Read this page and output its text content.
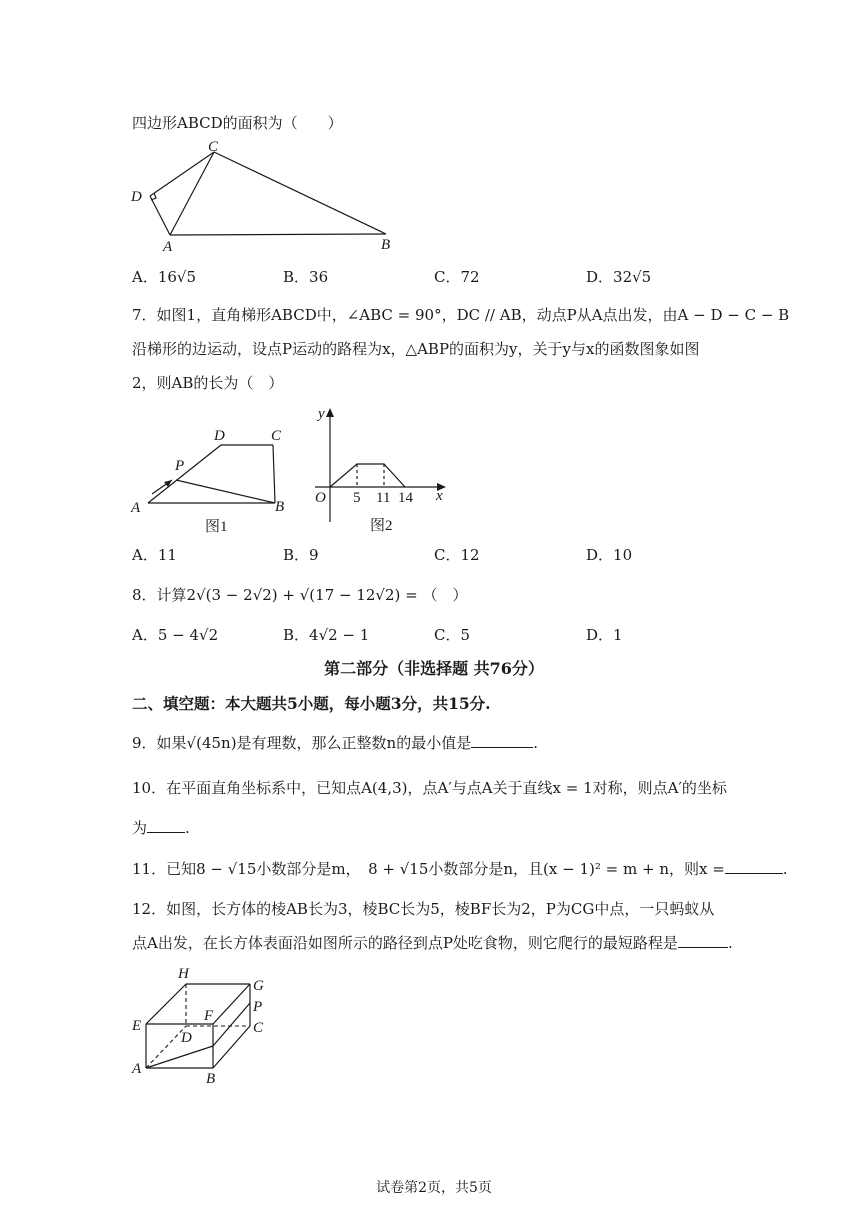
四边形ABCD的面积为（　　）
C
D
A	B
A．16√5	B．36	C．72	D．32√5
7．如图1，直角梯形ABCD中，∠ABC = 90°，DC // AB，动点P从A点出发，由A − D − C − B
沿梯形的边运动，设点P运动的路程为x，△ABP的面积为y，关于y与x的函数图象如图
2，则AB的长为（　）
D	C
P
A	B
图1
y
O 5 11 14 x
图2
A．11	B．9	C．12	D．10
8．计算2√(3 − 2√2) + √(17 − 12√2) = （　）
A．5 − 4√2	B．4√2 − 1	C．5	D．1
第二部分（非选择题 共76分）
二、填空题：本大题共5小题，每小题3分，共15分.
9．如果√(45n)是有理数，那么正整数n的最小值是	.
10．在平面直角坐标系中，已知点A(4,3)，点A′与点A关于直线x = 1对称，则点A′的坐标
为	.
11．已知8 − √15小数部分是m，　8 + √15小数部分是n，且(x − 1)² = m + n，则x =	.
12．如图，长方体的棱AB长为3，棱BC长为5，棱BF长为2，P为CG中点，一只蚂蚁从
点A出发，在长方体表面沿如图所示的路径到点P处吃食物，则它爬行的最短路程是	.
H
G
P
F
E	C
D
A
B
试卷第2页，共5页
